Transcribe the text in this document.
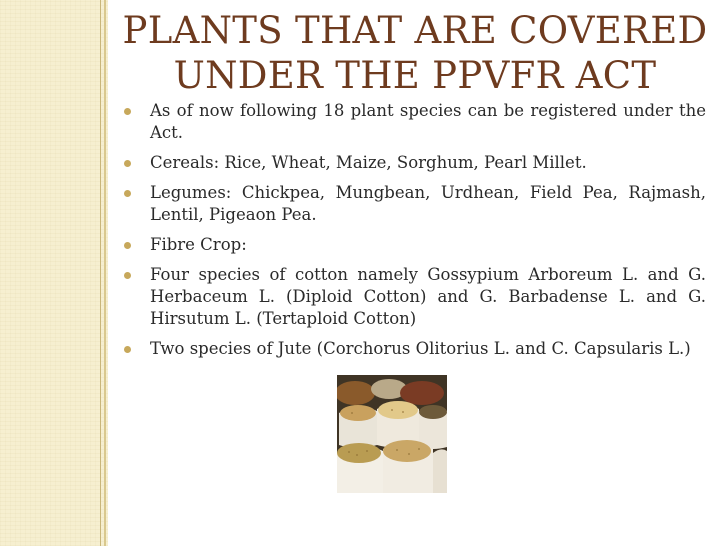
PLANTS THAT ARE COVERED
UNDER THE PPVFR ACT
As of now following 18 plant species can be registered under the Act.
Cereals: Rice, Wheat, Maize, Sorghum, Pearl Millet.
Legumes: Chickpea, Mungbean, Urdhean, Field Pea, Rajmash, Lentil, Pigeaon Pea.
Fibre Crop:
Four species of cotton namely Gossypium Arboreum L. and G. Herbaceum L. (Diploid Cotton) and G. Barbadense L. and G. Hirsutum L. (Tertaploid Cotton)
Two species of Jute (Corchorus Olitorius L. and C. Capsularis L.)
